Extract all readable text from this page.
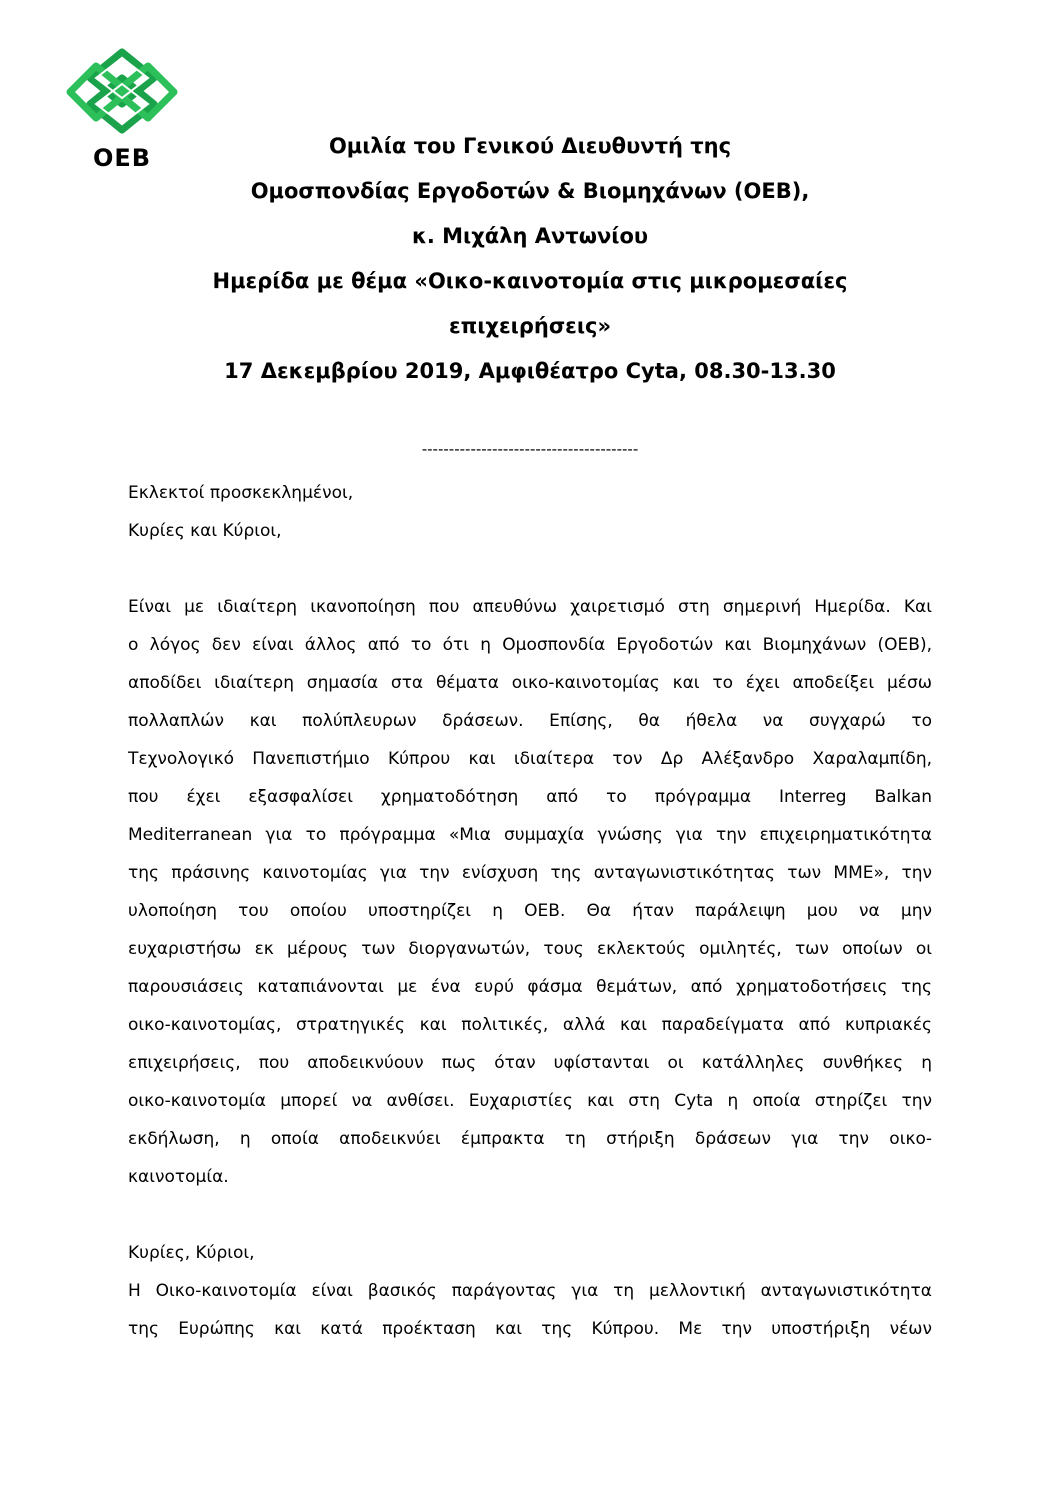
OEB	Ομιλία του Γενικού Διευθυντή της
Ομοσπονδίας Εργοδοτών & Βιομηχάνων (ΟΕΒ),
κ. Μιχάλη Αντωνίου
Ημερίδα με θέμα «Οικο-καινοτομία στις μικρομεσαίες
επιχειρήσεις»
17 Δεκεμβρίου 2019, Αμφιθέατρο Cyta, 08.30-13.30
----------------------------------------
Εκλεκτοί προσκεκλημένοι,
Κυρίες και Κύριοι,
Είναι με ιδιαίτερη ικανοποίηση που απευθύνω χαιρετισμό στη σημερινή Ημερίδα. Και
ο λόγος δεν είναι άλλος από το ότι η Ομοσπονδία Εργοδοτών και Βιομηχάνων (ΟΕΒ),
αποδίδει ιδιαίτερη σημασία στα θέματα οικο-καινοτομίας και το έχει αποδείξει μέσω
πολλαπλών και πολύπλευρων δράσεων. Επίσης, θα ήθελα να συγχαρώ το
Τεχνολογικό Πανεπιστήμιο Κύπρου και ιδιαίτερα τον Δρ Αλέξανδρο Χαραλαμπίδη,
που έχει εξασφαλίσει χρηματοδότηση από το πρόγραμμα Interreg Balkan
Mediterranean για το πρόγραμμα «Μια συμμαχία γνώσης για την επιχειρηματικότητα
της πράσινης καινοτομίας για την ενίσχυση της ανταγωνιστικότητας των ΜΜΕ», την
υλοποίηση του οποίου υποστηρίζει η ΟΕΒ. Θα ήταν παράλειψη μου να μην
ευχαριστήσω εκ μέρους των διοργανωτών, τους εκλεκτούς ομιλητές, των οποίων οι
παρουσιάσεις καταπιάνονται με ένα ευρύ φάσμα θεμάτων, από χρηματοδοτήσεις της
οικο-καινοτομίας, στρατηγικές και πολιτικές, αλλά και παραδείγματα από κυπριακές
επιχειρήσεις, που αποδεικνύουν πως όταν υφίστανται οι κατάλληλες συνθήκες η
οικο-καινοτομία μπορεί να ανθίσει. Ευχαριστίες και στη Cyta η οποία στηρίζει την
εκδήλωση, η οποία αποδεικνύει έμπρακτα τη στήριξη δράσεων για την οικο-
καινοτομία.
Κυρίες, Κύριοι,
Η Οικο-καινοτομία είναι βασικός παράγοντας για τη μελλοντική ανταγωνιστικότητα
της Ευρώπης και κατά προέκταση και της Κύπρου. Με την υποστήριξη νέων
